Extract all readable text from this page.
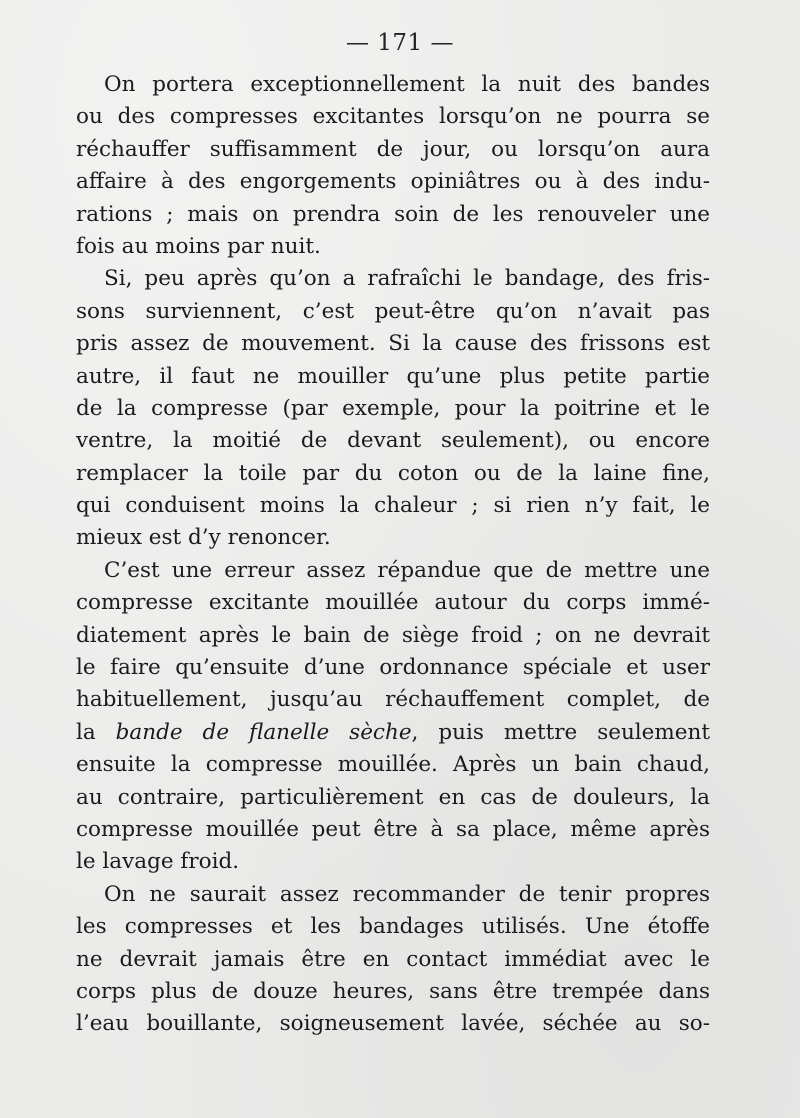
— 171 —
On portera exceptionnellement la nuit des bandes
ou des compresses excitantes lorsqu’on ne pourra se
réchauffer suffisamment de jour, ou lorsqu’on aura
affaire à des engorgements opiniâtres ou à des indu-
rations ; mais on prendra soin de les renouveler une
fois au moins par nuit.
Si, peu après qu’on a rafraîchi le bandage, des fris-
sons surviennent, c’est peut-être qu’on n’avait pas
pris assez de mouvement. Si la cause des frissons est
autre, il faut ne mouiller qu’une plus petite partie
de la compresse (par exemple, pour la poitrine et le
ventre, la moitié de devant seulement), ou encore
remplacer la toile par du coton ou de la laine fine,
qui conduisent moins la chaleur ; si rien n’y fait, le
mieux est d’y renoncer.
C’est une erreur assez répandue que de mettre une
compresse excitante mouillée autour du corps immé-
diatement après le bain de siège froid ; on ne devrait
le faire qu’ensuite d’une ordonnance spéciale et user
habituellement, jusqu’au réchauffement complet, de
la bande de flanelle sèche, puis mettre seulement
ensuite la compresse mouillée. Après un bain chaud,
au contraire, particulièrement en cas de douleurs, la
compresse mouillée peut être à sa place, même après
le lavage froid.
On ne saurait assez recommander de tenir propres
les compresses et les bandages utilisés. Une étoffe
ne devrait jamais être en contact immédiat avec le
corps plus de douze heures, sans être trempée dans
l’eau bouillante, soigneusement lavée, séchée au so-
